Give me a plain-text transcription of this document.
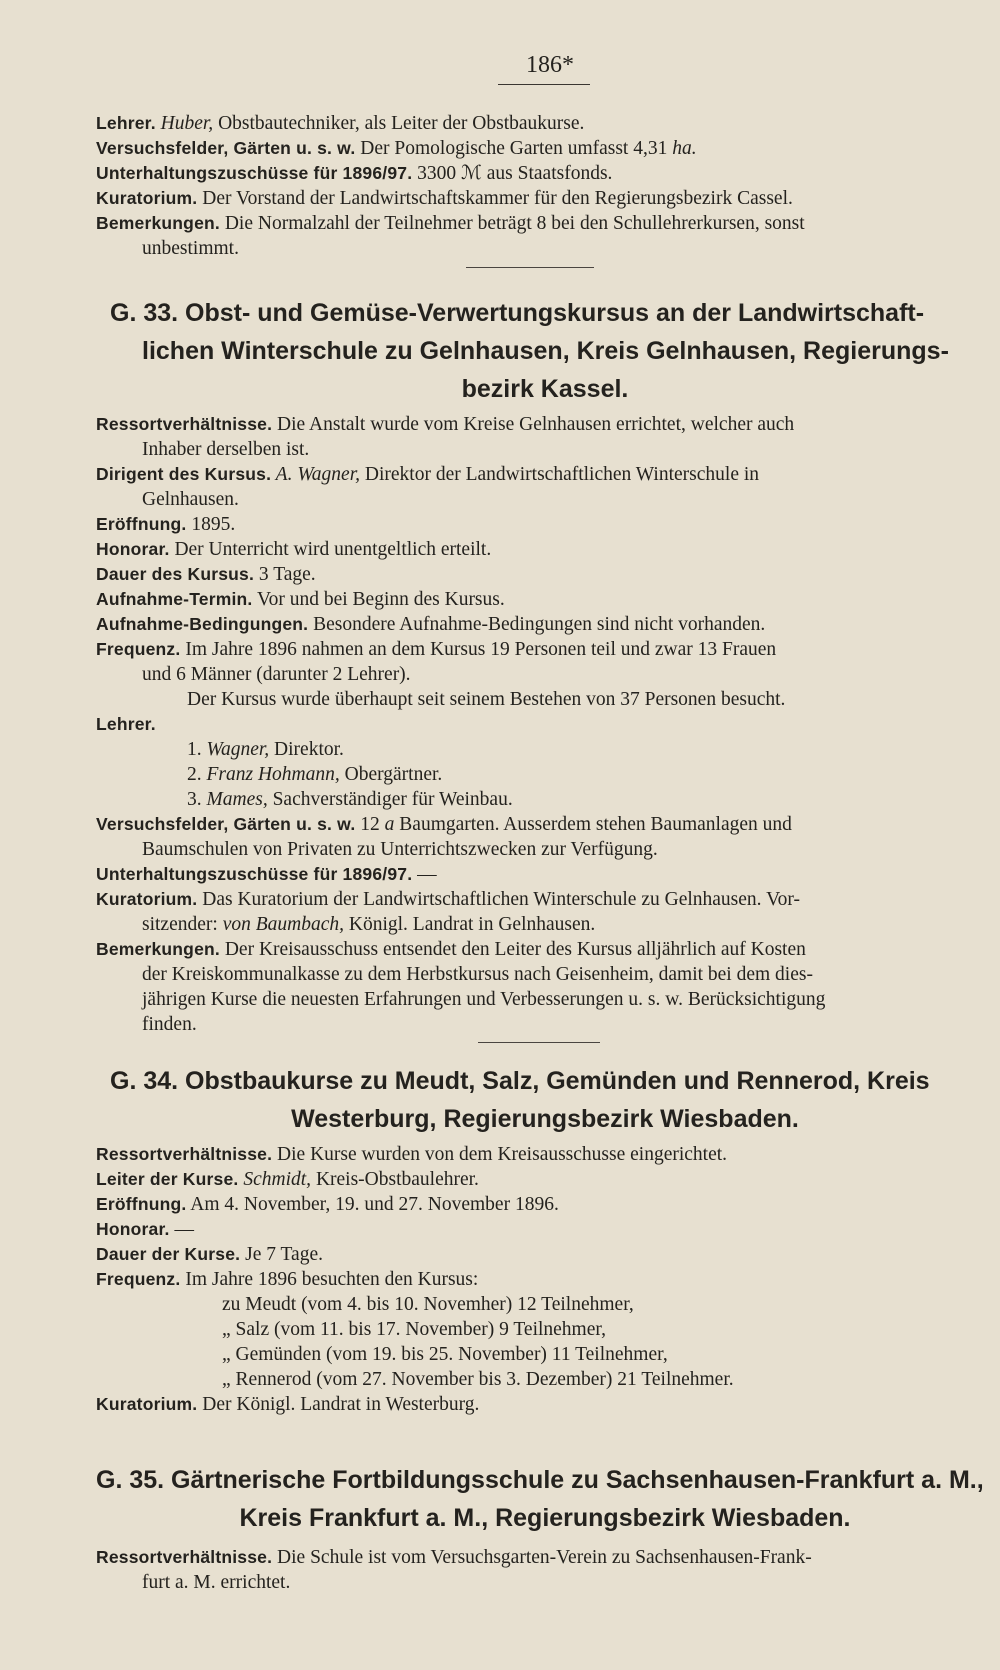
186*
Lehrer. Huber, Obstbautechniker, als Leiter der Obstbaukurse.
Versuchsfelder, Gärten u. s. w. Der Pomologische Garten umfasst 4,31 ha.
Unterhaltungszuschüsse für 1896/97. 3300 ℳ aus Staatsfonds.
Kuratorium. Der Vorstand der Landwirtschaftskammer für den Regierungsbezirk Cassel.
Bemerkungen. Die Normalzahl der Teilnehmer beträgt 8 bei den Schullehrerkursen, sonst
unbestimmt.
G. 33. Obst- und Gemüse-Verwertungskursus an der Landwirtschaft-
lichen Winterschule zu Gelnhausen, Kreis Gelnhausen, Regierungs-
bezirk Kassel.
Ressortverhältnisse. Die Anstalt wurde vom Kreise Gelnhausen errichtet, welcher auch
Inhaber derselben ist.
Dirigent des Kursus. A. Wagner, Direktor der Landwirtschaftlichen Winterschule in
Gelnhausen.
Eröffnung. 1895.
Honorar. Der Unterricht wird unentgeltlich erteilt.
Dauer des Kursus. 3 Tage.
Aufnahme-Termin. Vor und bei Beginn des Kursus.
Aufnahme-Bedingungen. Besondere Aufnahme-Bedingungen sind nicht vorhanden.
Frequenz. Im Jahre 1896 nahmen an dem Kursus 19 Personen teil und zwar 13 Frauen
und 6 Männer (darunter 2 Lehrer).
Der Kursus wurde überhaupt seit seinem Bestehen von 37 Personen besucht.
Lehrer.
1. Wagner, Direktor.
2. Franz Hohmann, Obergärtner.
3. Mames, Sachverständiger für Weinbau.
Versuchsfelder, Gärten u. s. w. 12 a Baumgarten. Ausserdem stehen Baumanlagen und
Baumschulen von Privaten zu Unterrichtszwecken zur Verfügung.
Unterhaltungszuschüsse für 1896/97. —
Kuratorium. Das Kuratorium der Landwirtschaftlichen Winterschule zu Gelnhausen. Vor-
sitzender: von Baumbach, Königl. Landrat in Gelnhausen.
Bemerkungen. Der Kreisausschuss entsendet den Leiter des Kursus alljährlich auf Kosten
der Kreiskommunalkasse zu dem Herbstkursus nach Geisenheim, damit bei dem dies-
jährigen Kurse die neuesten Erfahrungen und Verbesserungen u. s. w. Berücksichtigung
finden.
G. 34. Obstbaukurse zu Meudt, Salz, Gemünden und Rennerod, Kreis
Westerburg, Regierungsbezirk Wiesbaden.
Ressortverhältnisse. Die Kurse wurden von dem Kreisausschusse eingerichtet.
Leiter der Kurse. Schmidt, Kreis-Obstbaulehrer.
Eröffnung. Am 4. November, 19. und 27. November 1896.
Honorar. —
Dauer der Kurse. Je 7 Tage.
Frequenz. Im Jahre 1896 besuchten den Kursus:
zu Meudt (vom 4. bis 10. Novemher) 12 Teilnehmer,
„ Salz (vom 11. bis 17. November) 9 Teilnehmer,
„ Gemünden (vom 19. bis 25. November) 11 Teilnehmer,
„ Rennerod (vom 27. November bis 3. Dezember) 21 Teilnehmer.
Kuratorium. Der Königl. Landrat in Westerburg.
G. 35. Gärtnerische Fortbildungsschule zu Sachsenhausen-Frankfurt a. M.,
Kreis Frankfurt a. M., Regierungsbezirk Wiesbaden.
Ressortverhältnisse. Die Schule ist vom Versuchsgarten-Verein zu Sachsenhausen-Frank-
furt a. M. errichtet.
